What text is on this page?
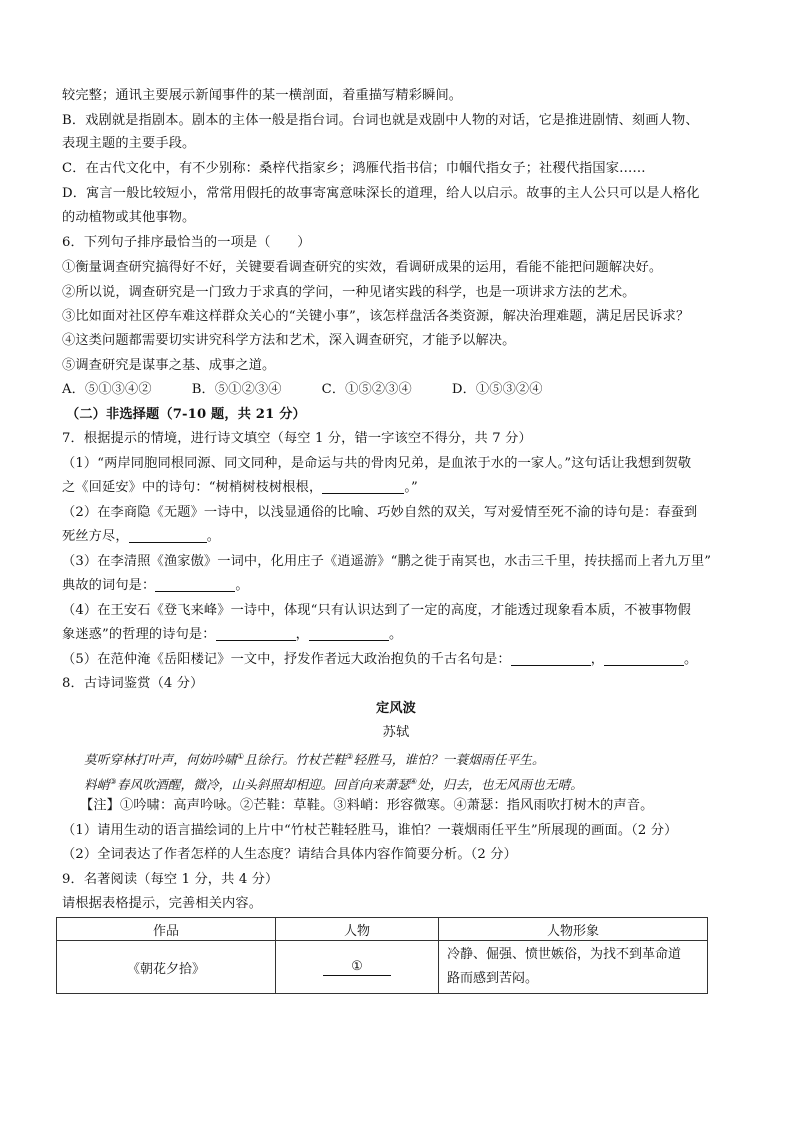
较完整；通讯主要展示新闻事件的某一横剖面，着重描写精彩瞬间。
B．戏剧就是指剧本。剧本的主体一般是指台词。台词也就是戏剧中人物的对话，它是推进剧情、刻画人物、
表现主题的主要手段。
C．在古代文化中，有不少别称：桑梓代指家乡；鸿雁代指书信；巾帼代指女子；社稷代指国家……
D．寓言一般比较短小，常常用假托的故事寄寓意味深长的道理，给人以启示。故事的主人公只可以是人格化
的动植物或其他事物。
6．下列句子排序最恰当的一项是（　　）
①衡量调查研究搞得好不好，关键要看调查研究的实效，看调研成果的运用，看能不能把问题解决好。
②所以说，调查研究是一门致力于求真的学问，一种见诸实践的科学，也是一项讲求方法的艺术。
③比如面对社区停车难这样群众关心的“关键小事”，该怎样盘活各类资源，解决治理难题，满足居民诉求？
④这类问题都需要切实讲究科学方法和艺术，深入调查研究，才能予以解决。
⑤调查研究是谋事之基、成事之道。
A．⑤①③④②　　　B．⑤①②③④　　　C．①⑤②③④　　　D．①⑤③②④
（二）非选择题（7-10 题，共 21 分）
7．根据提示的情境，进行诗文填空（每空 1 分，错一字该空不得分，共 7 分）
（1）“两岸同胞同根同源、同文同种，是命运与共的骨肉兄弟，是血浓于水的一家人。”这句话让我想到贺敬
之《回延安》中的诗句：“树梢树枝树根根，	。”
（2）在李商隐《无题》一诗中，以浅显通俗的比喻、巧妙自然的双关，写对爱情至死不渝的诗句是：春蚕到
死丝方尽，	。
（3）在李清照《渔家傲》一词中，化用庄子《逍遥游》“鹏之徙于南冥也，水击三千里，抟扶摇而上者九万里”
典故的词句是：	。
（4）在王安石《登飞来峰》一诗中，体现“只有认识达到了一定的高度，才能透过现象看本质，不被事物假
象迷惑”的哲理的诗句是：	，	。
（5）在范仲淹《岳阳楼记》一文中，抒发作者远大政治抱负的千古名句是：	，	。
8．古诗词鉴赏（4 分）
定风波
苏轼
莫听穿林打叶声，何妨吟啸①且徐行。竹杖芒鞋②轻胜马，谁怕？一蓑烟雨任平生。
料峭③春风吹酒醒，微冷，山头斜照却相迎。回首向来萧瑟④处，归去，也无风雨也无晴。
【注】①吟啸：高声吟咏。②芒鞋：草鞋。③料峭：形容微寒。④萧瑟：指风雨吹打树木的声音。
（1）请用生动的语言描绘词的上片中“竹杖芒鞋轻胜马，谁怕？一蓑烟雨任平生”所展现的画面。（2 分）
（2）全词表达了作者怎样的人生态度？请结合具体内容作简要分析。（2 分）
9．名著阅读（每空 1 分，共 4 分）
请根据表格提示，完善相关内容。
作品	人物	人物形象
《朝花夕拾》	①	冷静、倔强、愤世嫉俗，为找不到革命道
路而感到苦闷。
